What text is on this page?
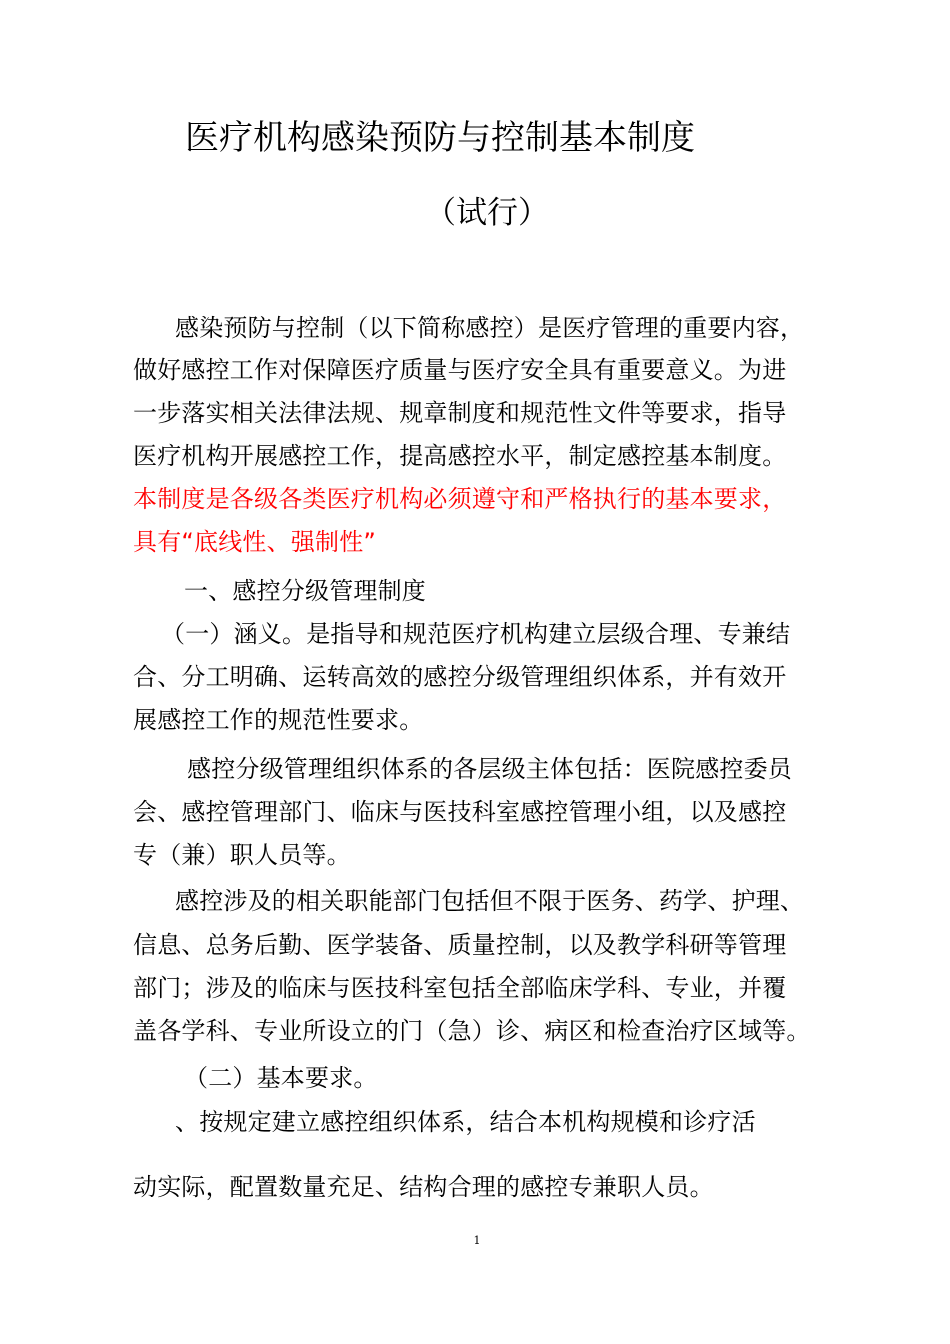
医疗机构感染预防与控制基本制度
（试行）

感染预防与控制（以下简称感控）是医疗管理的重要内容，

做好感控工作对保障医疗质量与医疗安全具有重要意义。为进

一步落实相关法律法规、规章制度和规范性文件等要求，指导

医疗机构开展感控工作，提高感控水平，制定感控基本制度。

本制度是各级各类医疗机构必须遵守和严格执行的基本要求，

具有“底线性、强制性”

一、感控分级管理制度

（一）涵义。是指导和规范医疗机构建立层级合理、专兼结

合、分工明确、运转高效的感控分级管理组织体系，并有效开

展感控工作的规范性要求。

感控分级管理组织体系的各层级主体包括：医院感控委员

会、感控管理部门、临床与医技科室感控管理小组，以及感控

专（兼）职人员等。

感控涉及的相关职能部门包括但不限于医务、药学、护理、

信息、总务后勤、医学装备、质量控制，以及教学科研等管理

部门；涉及的临床与医技科室包括全部临床学科、专业，并覆

盖各学科、专业所设立的门（急）诊、病区和检查治疗区域等。

（二）基本要求。

、按规定建立感控组织体系，结合本机构规模和诊疗活

动实际，配置数量充足、结构合理的感控专兼职人员。

1
